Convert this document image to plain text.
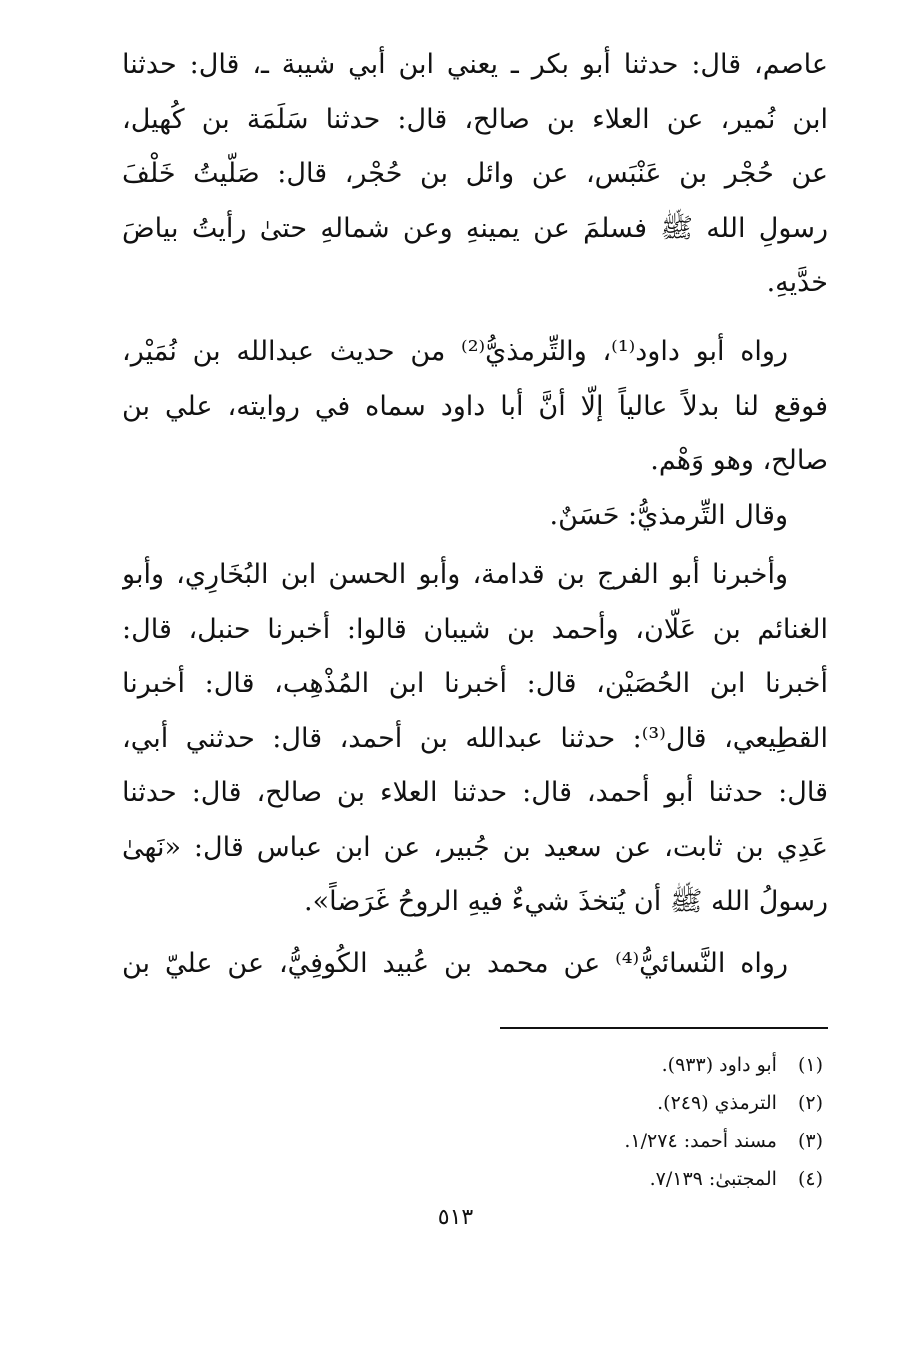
عاصم، قال: حدثنا أبو بكر ـ يعني ابن أبي شيبة ـ، قال: حدثنا
ابن نُمير، عن العلاء بن صالح، قال: حدثنا سَلَمَة بن كُهيل،
عن حُجْر بن عَنْبَس، عن وائل بن حُجْر، قال: صَلّيتُ خَلْفَ
رسولِ الله ﷺ فسلمَ عن يمينهِ وعن شمالهِ حتىٰ رأيتُ بياضَ
خدَّيهِ.
رواه أبو داود⁽¹⁾، والتِّرمذيُّ⁽²⁾ من حديث عبدالله بن نُمَيْر،
فوقع لنا بدلاً عالياً إلّا أنَّ أبا داود سماه في روايته، علي بن
صالح، وهو وَهْم.
وقال التِّرمذيُّ: حَسَنٌ.
وأخبرنا أبو الفرج بن قدامة، وأبو الحسن ابن البُخَارِي، وأبو
الغنائم بن عَلّان، وأحمد بن شيبان قالوا: أخبرنا حنبل، قال:
أخبرنا ابن الحُصَيْن، قال: أخبرنا ابن المُذْهِب، قال: أخبرنا
القطِيعي، قال⁽³⁾: حدثنا عبدالله بن أحمد، قال: حدثني أبي،
قال: حدثنا أبو أحمد، قال: حدثنا العلاء بن صالح، قال: حدثنا
عَدِي بن ثابت، عن سعيد بن جُبير، عن ابن عباس قال: «نَهىٰ
رسولُ الله ﷺ أن يُتخذَ شيءٌ فيهِ الروحُ غَرَضاً».
رواه النَّسائيُّ⁽⁴⁾ عن محمد بن عُبيد الكُوفِيُّ، عن عليّ بن
(١) أبو داود (٩٣٣).
(٢) الترمذي (٢٤٩).
(٣) مسند أحمد: ١/٢٧٤.
(٤) المجتبىٰ: ٧/١٣٩.
٥١٣
